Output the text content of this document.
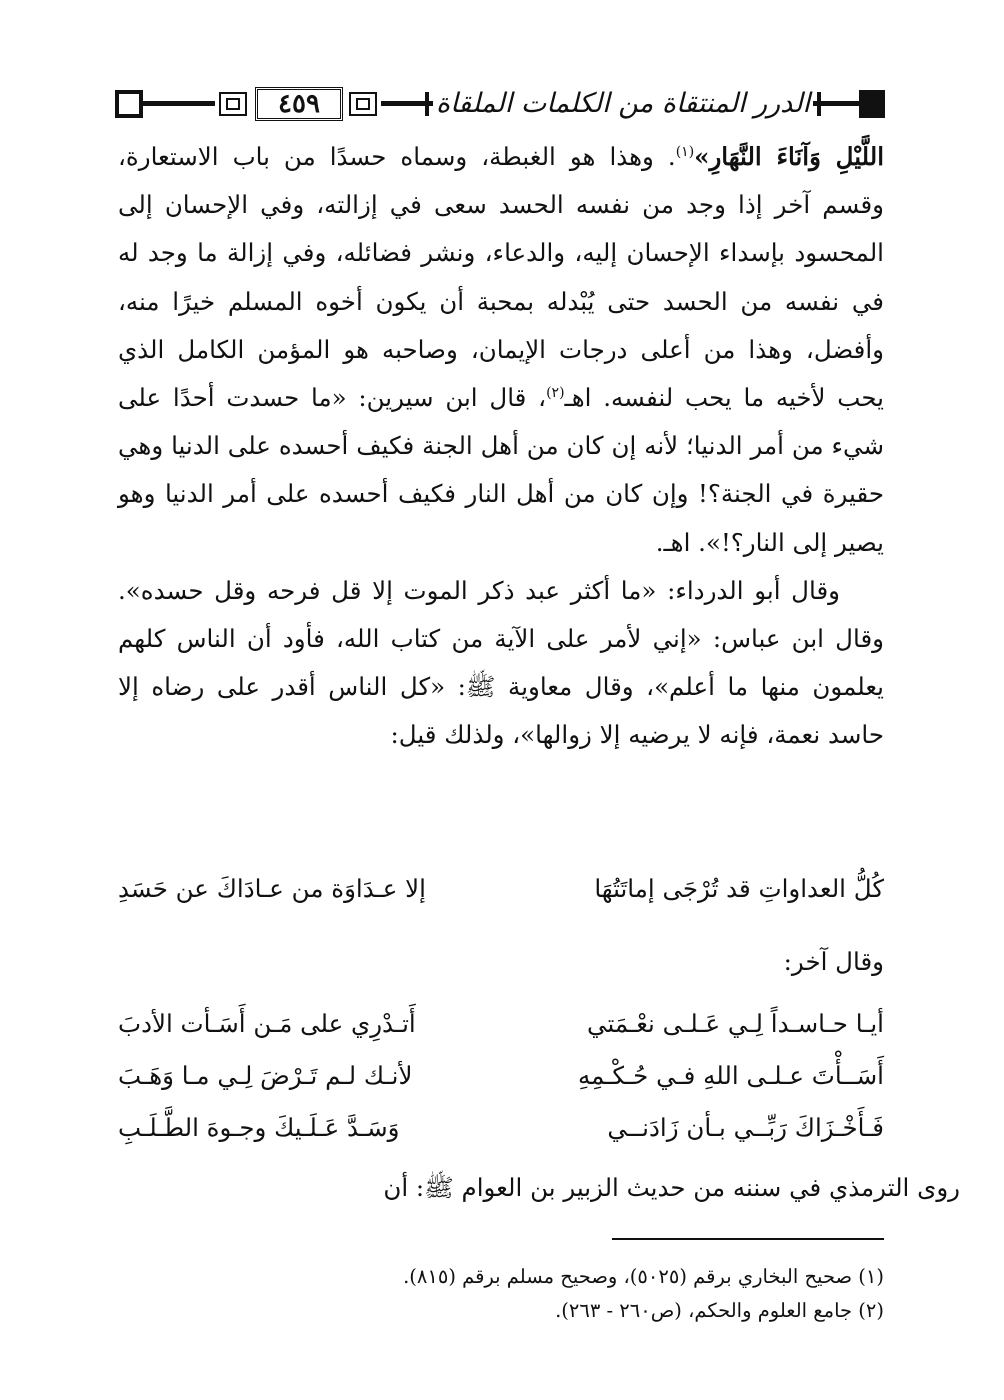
٤٥٩	الدرر المنتقاة من الكلمات الملقاة

اللَّيْلِ وَآنَاءَ النَّهَارِ»$^{(١)}$. وهذا هو الغبطة، وسماه حسدًا من باب الاستعارة، وقسم آخر إذا وجد من نفسه الحسد سعى في إزالته، وفي الإحسان إلى المحسود بإسداء الإحسان إليه، والدعاء، ونشر فضائله، وفي إزالة ما وجد له في نفسه من الحسد حتى يُبْدله بمحبة أن يكون أخوه المسلم خيرًا منه، وأفضل، وهذا من أعلى درجات الإيمان، وصاحبه هو المؤمن الكامل الذي يحب لأخيه ما يحب لنفسه. اهـ$^{(٢)}$، قال ابن سيرين: «ما حسدت أحدًا على شيء من أمر الدنيا؛ لأنه إن كان من أهل الجنة فكيف أحسده على الدنيا وهي حقيرة في الجنة؟! وإن كان من أهل النار فكيف أحسده على أمر الدنيا وهو يصير إلى النار؟!». اهـ.

وقال أبو الدرداء: «ما أكثر عبد ذكر الموت إلا قل فرحه وقل حسده». وقال ابن عباس: «إني لأمر على الآية من كتاب الله، فأود أن الناس كلهم يعلمون منها ما أعلم»، وقال معاوية ﷺ: «كل الناس أقدر على رضاه إلا حاسد نعمة، فإنه لا يرضيه إلا زوالها»، ولذلك قيل:

كُلُّ العداواتِ قد تُرْجَى إماتَتُهَا
إلا عـدَاوَة من عـادَاكَ عن حَسَدِ
وقال آخر:
أيـا حـاسـداً لِـي عَـلـى نعْـمَتي
أَتـدْرِي على مَـن أَسَـأت الأدبَ
أَسَــأْتَ عـلـى اللهِ فـي حُـكْـمِهِ
لأنـك لـم تَـرْضَ لِـي مـا وَهَـبَ
فَـأَخْـزَاكَ رَبِّــي بـأن زَادَنــي
وَسَـدَّ عَـلَـيكَ وجـوهَ الطَّـلَـبِ
روى الترمذي في سننه من حديث الزبير بن العوام ﷺ: أن
(١) صحيح البخاري برقم (٥٠٢٥)، وصحيح مسلم برقم (٨١٥).
(٢) جامع العلوم والحكم، (ص٢٦٠ - ٢٦٣).
